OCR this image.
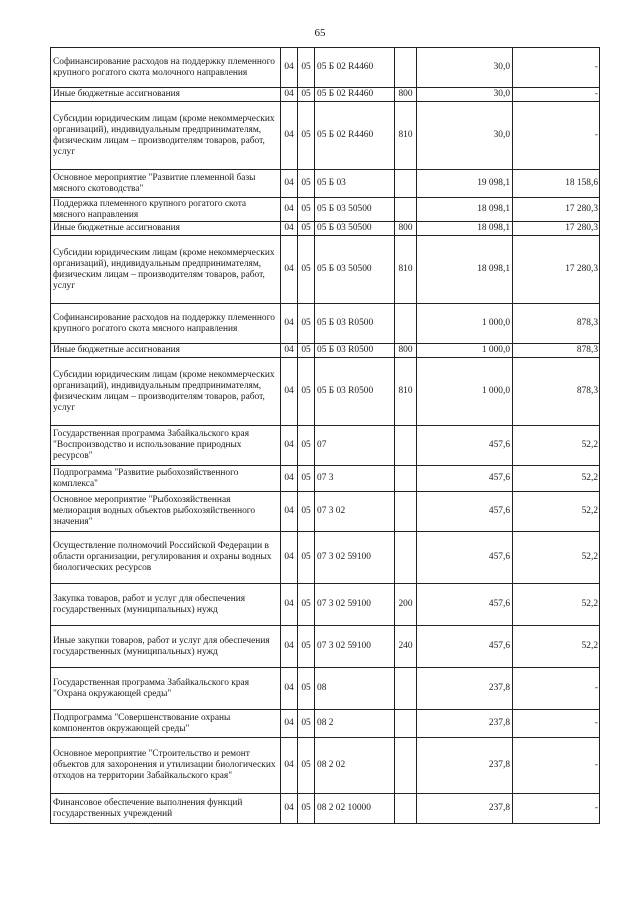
65
Софинансирование расходов на поддержку племенного крупного рогатого скота молочного направления	04	05	05 Б 02 R4460		30,0	-
Иные бюджетные ассигнования	04	05	05 Б 02 R4460	800	30,0	-
Субсидии юридическим лицам (кроме некоммерческих организаций), индивидуальным предпринимателям, физическим лицам – производителям товаров, работ, услуг	04	05	05 Б 02 R4460	810	30,0	-
Основное мероприятие "Развитие племенной базы мясного скотоводства"	04	05	05 Б 03		19 098,1	18 158,6
Поддержка племенного крупного рогатого скота мясного направления	04	05	05 Б 03 50500		18 098,1	17 280,3
Иные бюджетные ассигнования	04	05	05 Б 03 50500	800	18 098,1	17 280,3
Субсидии юридическим лицам (кроме некоммерческих организаций), индивидуальным предпринимателям, физическим лицам – производителям товаров, работ, услуг	04	05	05 Б 03 50500	810	18 098,1	17 280,3
Софинансирование расходов на поддержку племенного крупного рогатого скота мясного направления	04	05	05 Б 03 R0500		1 000,0	878,3
Иные бюджетные ассигнования	04	05	05 Б 03 R0500	800	1 000,0	878,3
Субсидии юридическим лицам (кроме некоммерческих организаций), индивидуальным предпринимателям, физическим лицам – производителям товаров, работ, услуг	04	05	05 Б 03 R0500	810	1 000,0	878,3
Государственная программа Забайкальского края "Воспроизводство и использование природных ресурсов"	04	05	07		457,6	52,2
Подпрограмма "Развитие рыбохозяйственного комплекса"	04	05	07 3		457,6	52,2
Основное мероприятие "Рыбохозяйственная мелиорация водных объектов рыбохозяйственного значения"	04	05	07 3 02		457,6	52,2
Осуществление полномочий Российской Федерации в области организации, регулирования и охраны водных биологических ресурсов	04	05	07 3 02 59100		457,6	52,2
Закупка товаров, работ и услуг для обеспечения государственных (муниципальных) нужд	04	05	07 3 02 59100	200	457,6	52,2
Иные закупки товаров, работ и услуг для обеспечения государственных (муниципальных) нужд	04	05	07 3 02 59100	240	457,6	52,2
Государственная программа Забайкальского края "Охрана окружающей среды"	04	05	08		237,8	-
Подпрограмма "Совершенствование охраны компонентов окружающей среды"	04	05	08 2		237,8	-
Основное мероприятие "Строительство и ремонт объектов для захоронения и утилизации биологических отходов на территории Забайкальского края"	04	05	08 2 02		237,8	-
Финансовое обеспечение выполнения функций государственных учреждений	04	05	08 2 02 10000		237,8	-
